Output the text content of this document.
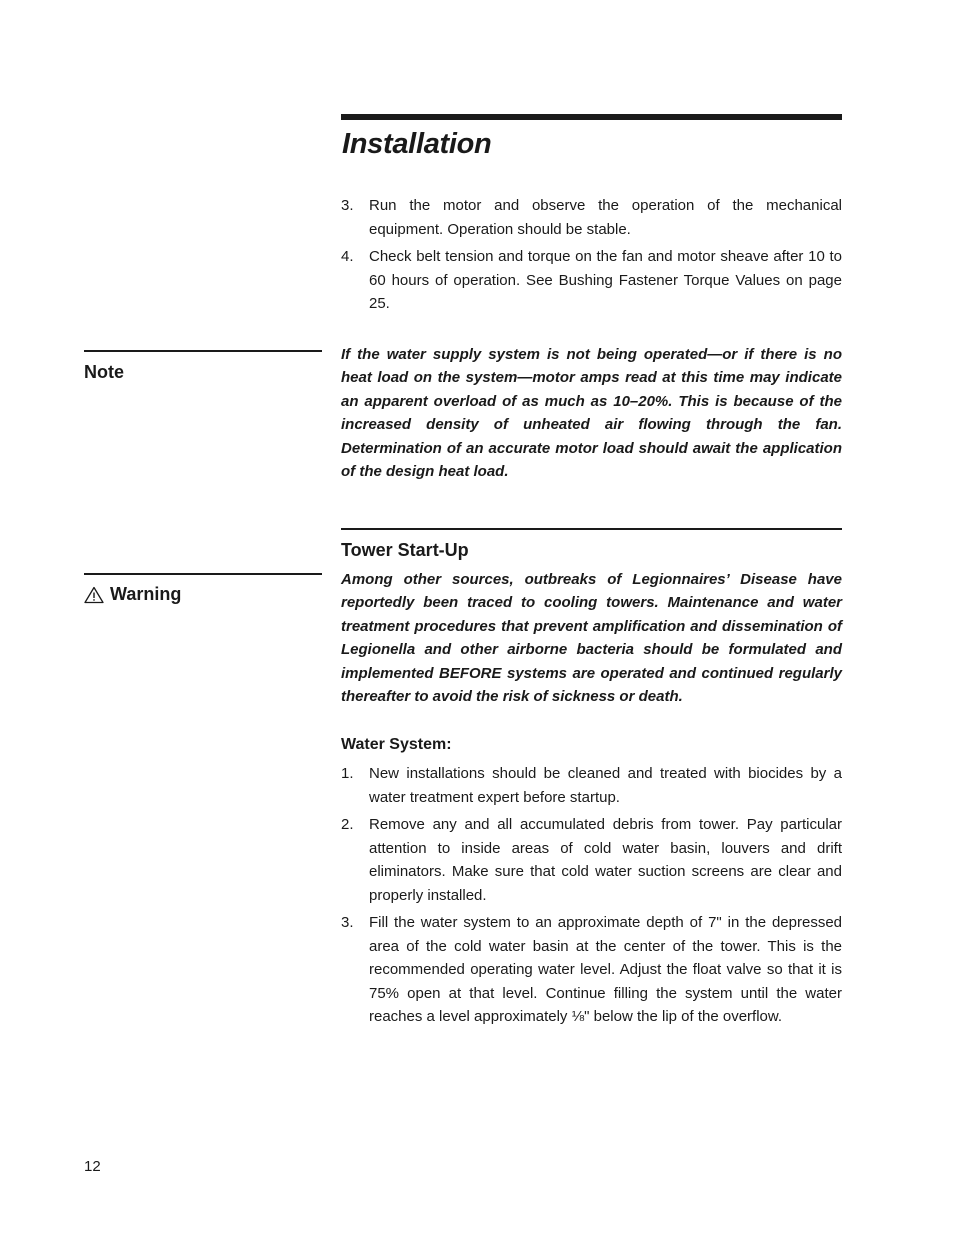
Installation
3.	Run the motor and observe the operation of the mechanical equipment. Operation should be stable.
4.	Check belt tension and torque on the fan and motor sheave after 10 to 60 hours of operation. See Bushing Fastener Torque Values on page 25.

Note

If the water supply system is not being operated—or if there is no heat load on the system—motor amps read at this time may indicate an apparent overload of as much as 10–20%. This is because of the increased density of unheated air flowing through the fan. Determination of an accurate motor load should await the application of the design heat load.

Tower Start-Up
Warning

Among other sources, outbreaks of Legionnaires’ Disease have reportedly been traced to cooling towers. Maintenance and water treatment procedures that prevent amplification and dissemination of Legionella and other airborne bacteria should be formulated and implemented BEFORE systems are operated and continued regularly thereafter to avoid the risk of sickness or death.

Water System:
1.	New installations should be cleaned and treated with biocides by a water treatment expert before startup.
2.	Remove any and all accumulated debris from tower. Pay particular attention to inside areas of cold water basin, louvers and drift eliminators. Make sure that cold water suction screens are clear and properly installed.
3.	Fill the water system to an approximate depth of 7" in the depressed area of the cold water basin at the center of the tower. This is the recommended operating water level. Adjust the float valve so that it is 75% open at that level. Continue filling the system until the water reaches a level approximately ⅛" below the lip of the overflow.
12
